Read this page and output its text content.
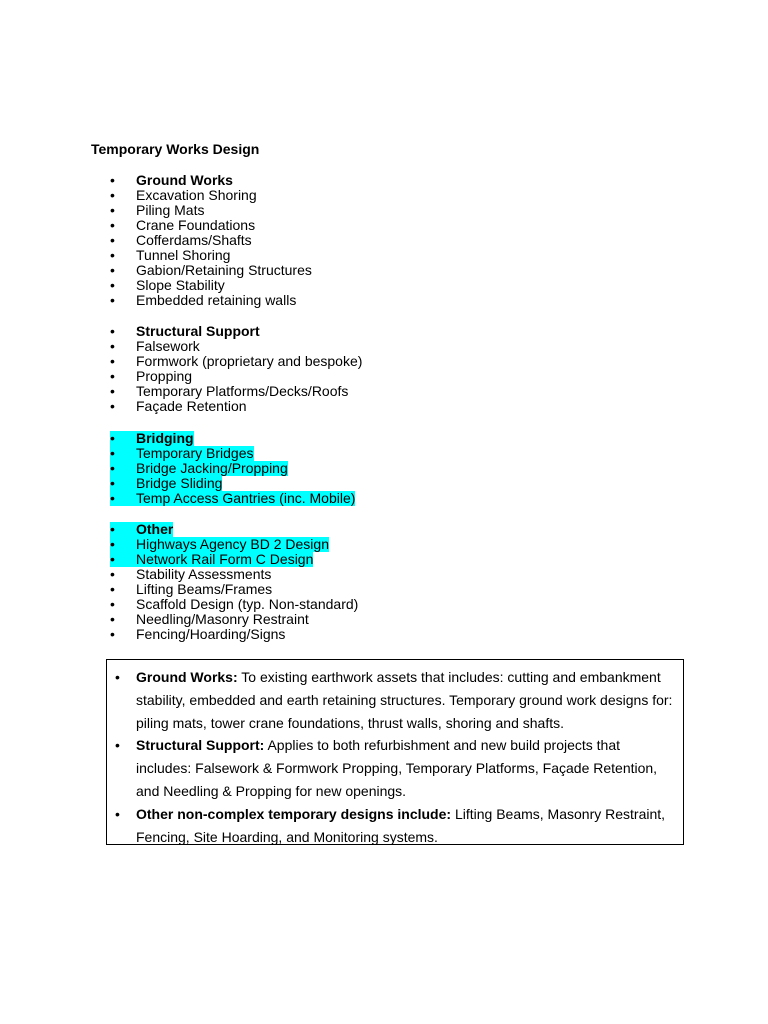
Temporary Works Design
•	Ground Works
•	Excavation Shoring
•	Piling Mats
•	Crane Foundations
•	Cofferdams/Shafts
•	Tunnel Shoring
•	Gabion/Retaining Structures
•	Slope Stability
•	Embedded retaining walls
•	Structural Support
•	Falsework
•	Formwork (proprietary and bespoke)
•	Propping
•	Temporary Platforms/Decks/Roofs
•	Façade Retention
•	Bridging
•	Temporary Bridges
•	Bridge Jacking/Propping
•	Bridge Sliding
•	Temp Access Gantries (inc. Mobile)
•	Other
•	Highways Agency BD 2 Design
•	Network Rail Form C Design
•	Stability Assessments
•	Lifting Beams/Frames
•	Scaffold Design (typ. Non-standard)
•	Needling/Masonry Restraint
•	Fencing/Hoarding/Signs
• Ground Works: To existing earthwork assets that includes: cutting and embankment stability, embedded and earth retaining structures. Temporary ground work designs for: piling mats, tower crane foundations, thrust walls, shoring and shafts.
• Structural Support: Applies to both refurbishment and new build projects that includes: Falsework & Formwork Propping, Temporary Platforms, Façade Retention, and Needling & Propping for new openings.
• Other non-complex temporary designs include: Lifting Beams, Masonry Restraint, Fencing, Site Hoarding, and Monitoring systems.
